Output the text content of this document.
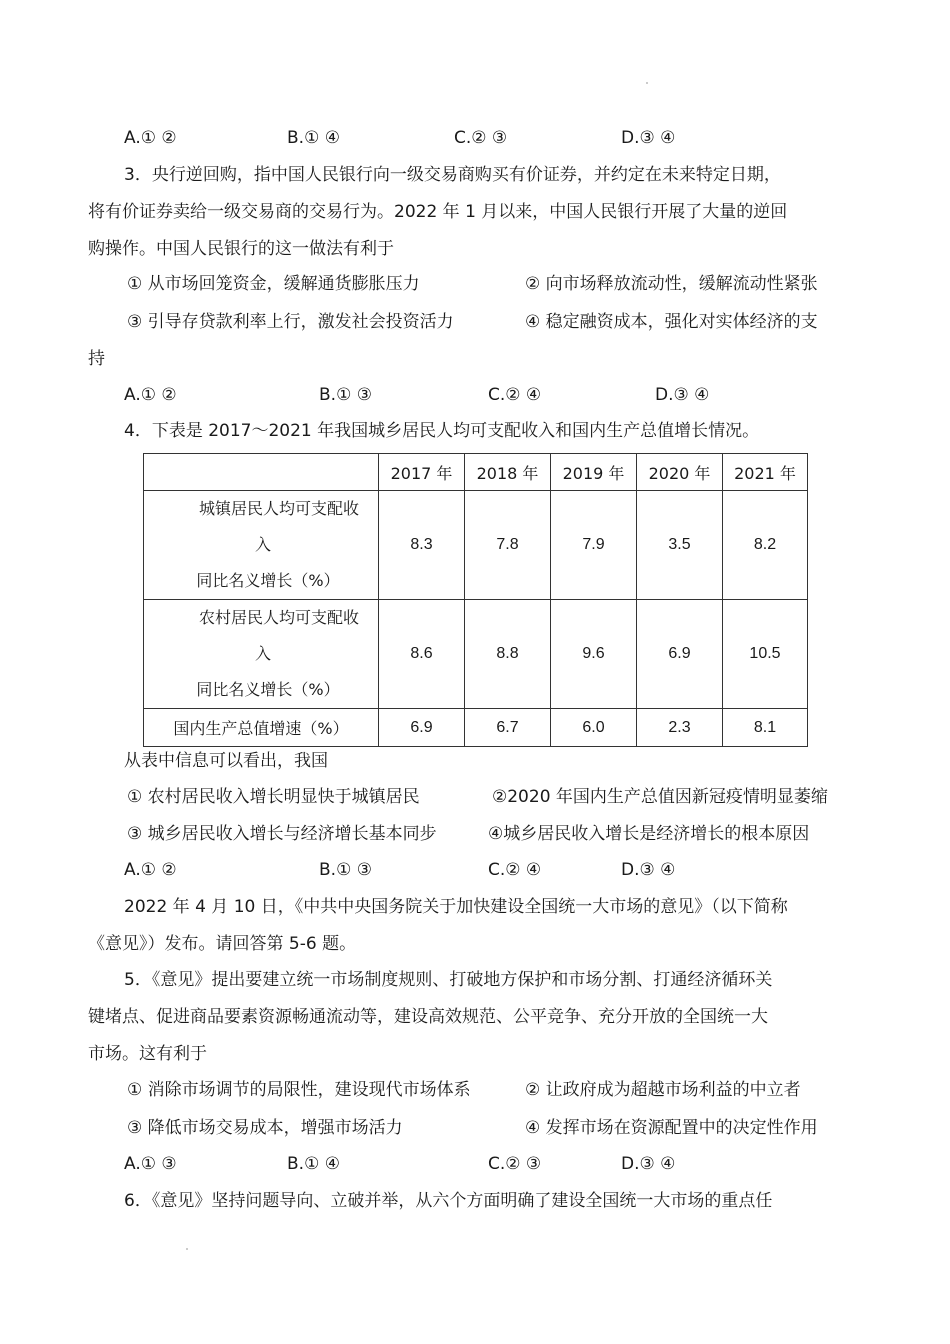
A.① ②	B.① ④	C.② ③	D.③ ④
3．央行逆回购，指中国人民银行向一级交易商购买有价证券，并约定在未来特定日期，
将有价证券卖给一级交易商的交易行为。2022 年 1 月以来，中国人民银行开展了大量的逆回
购操作。中国人民银行的这一做法有利于
① 从市场回笼资金，缓解通货膨胀压力	② 向市场释放流动性，缓解流动性紧张
③ 引导存贷款利率上行，激发社会投资活力	④ 稳定融资成本，强化对实体经济的支
持
A.① ②	B.① ③	C.② ④	D.③ ④
4．下表是 2017～2021 年我国城乡居民人均可支配收入和国内生产总值增长情况。
	2017 年	2018 年	2019 年	2020 年	2021 年

城镇居民人均可支配收
入
同比名义增长（%）	8.3	7.8	7.9	3.5	8.2

农村居民人均可支配收
入
同比名义增长（%）	8.6	8.8	9.6	6.9	10.5
国内生产总值增速（%）	6.9	6.7	6.0	2.3	8.1
从表中信息可以看出，我国
① 农村居民收入增长明显快于城镇居民	②2020 年国内生产总值因新冠疫情明显萎缩
③ 城乡居民收入增长与经济增长基本同步	④城乡居民收入增长是经济增长的根本原因
A.① ②	B.① ③	C.② ④	D.③ ④
2022 年 4 月 10 日，《中共中央国务院关于加快建设全国统一大市场的意见》（以下简称
《意见》）发布。请回答第 5-6 题。
5．《意见》提出要建立统一市场制度规则、打破地方保护和市场分割、打通经济循环关
键堵点、促进商品要素资源畅通流动等，建设高效规范、公平竞争、充分开放的全国统一大
市场。这有利于
① 消除市场调节的局限性，建设现代市场体系	② 让政府成为超越市场利益的中立者
③ 降低市场交易成本，增强市场活力	④ 发挥市场在资源配置中的决定性作用
A.① ③	B.① ④	C.② ③	D.③ ④
6．《意见》坚持问题导向、立破并举，从六个方面明确了建设全国统一大市场的重点任
